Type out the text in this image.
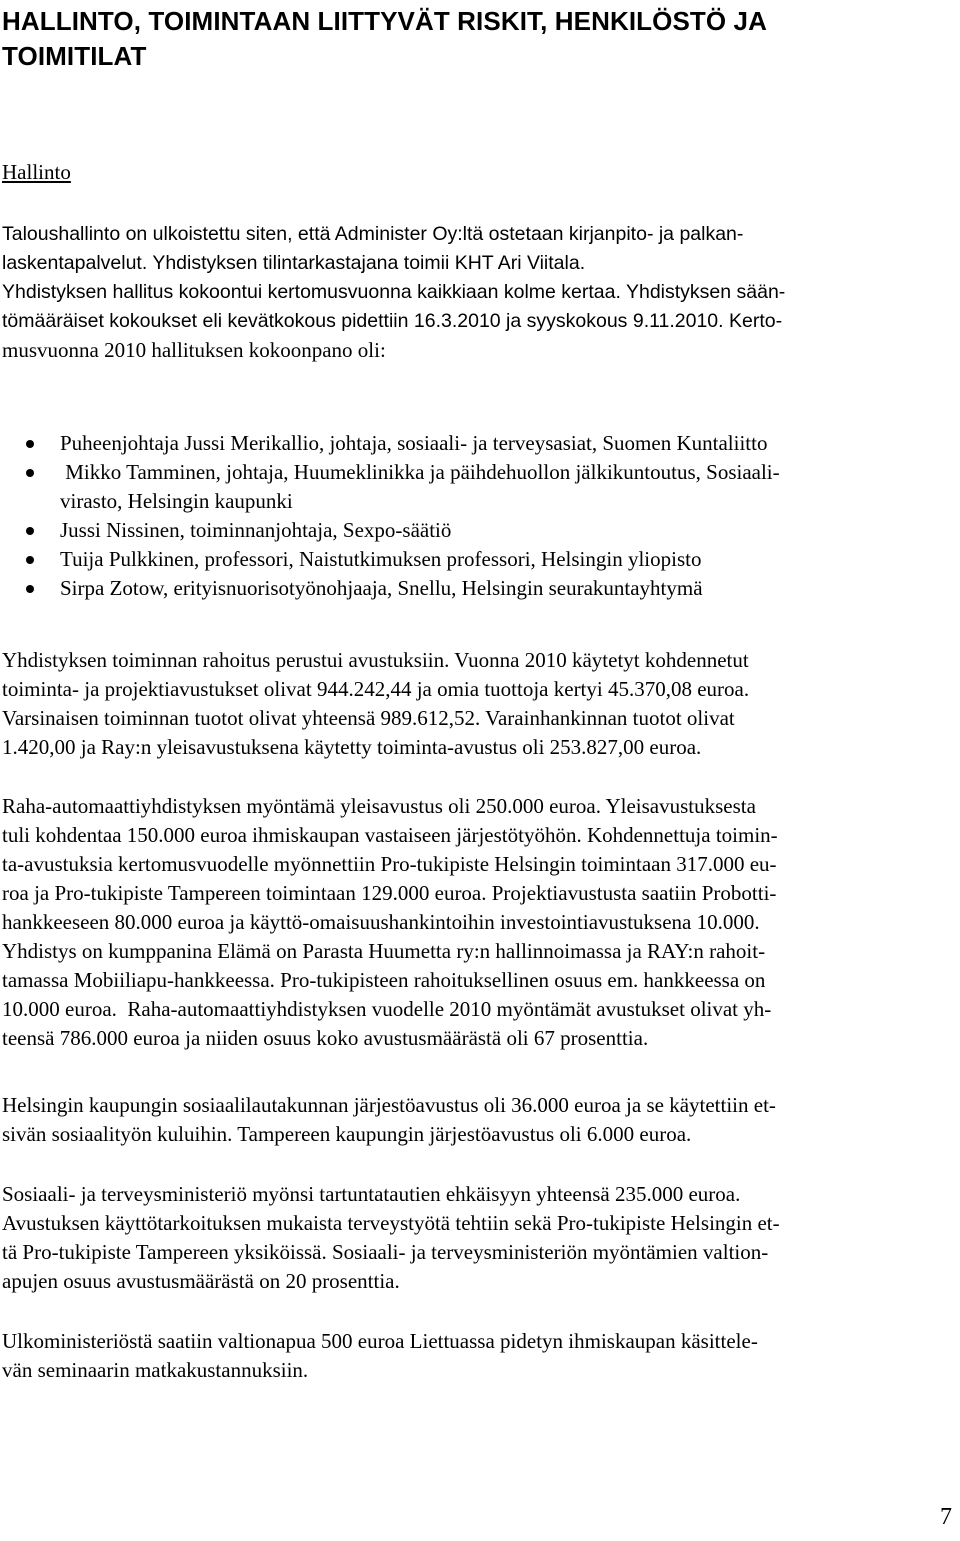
HALLINTO, TOIMINTAAN LIITTYVÄT RISKIT, HENKILÖSTÖ JA
TOIMITILAT

Hallinto

Taloushallinto on ulkoistettu siten, että Administer Oy:ltä ostetaan kirjanpito- ja palkan-
laskentapalvelut. Yhdistyksen tilintarkastajana toimii KHT Ari Viitala.

Yhdistyksen hallitus kokoontui kertomusvuonna kaikkiaan kolme kertaa. Yhdistyksen sään-
tömääräiset kokoukset eli kevätkokous pidettiin 16.3.2010 ja syyskokous 9.11.2010. Kerto-
musvuonna 2010 hallituksen kokoonpano oli:

Puheenjohtaja Jussi Merikallio, johtaja, sosiaali- ja terveysasiat, Suomen Kuntaliitto
Mikko Tamminen, johtaja, Huumeklinikka ja päihdehuollon jälkikuntoutus, Sosiaali-
virasto, Helsingin kaupunki
Jussi Nissinen, toiminnanjohtaja, Sexpo-säätiö
Tuija Pulkkinen, professori, Naistutkimuksen professori, Helsingin yliopisto
Sirpa Zotow, erityisnuorisotyönohjaaja, Snellu, Helsingin seurakuntayhtymä

Yhdistyksen toiminnan rahoitus perustui avustuksiin. Vuonna 2010 käytetyt kohdennetut
toiminta- ja projektiavustukset olivat 944.242,44 ja omia tuottoja kertyi 45.370,08 euroa.
Varsinaisen toiminnan tuotot olivat yhteensä 989.612,52. Varainhankinnan tuotot olivat
1.420,00 ja Ray:n yleisavustuksena käytetty toiminta-avustus oli 253.827,00 euroa.

Raha-automaattiyhdistyksen myöntämä yleisavustus oli 250.000 euroa. Yleisavustuksesta
tuli kohdentaa 150.000 euroa ihmiskaupan vastaiseen järjestötyöhön. Kohdennettuja toimin-
ta-avustuksia kertomusvuodelle myönnettiin Pro-tukipiste Helsingin toimintaan 317.000 eu-
roa ja Pro-tukipiste Tampereen toimintaan 129.000 euroa. Projektiavustusta saatiin Probotti-
hankkeeseen 80.000 euroa ja käyttö-omaisuushankintoihin investointiavustuksena 10.000.
Yhdistys on kumppanina Elämä on Parasta Huumetta ry:n hallinnoimassa ja RAY:n rahoit-
tamassa Mobiiliapu-hankkeessa. Pro-tukipisteen rahoituksellinen osuus em. hankkeessa on
10.000 euroa.  Raha-automaattiyhdistyksen vuodelle 2010 myöntämät avustukset olivat yh-
teensä 786.000 euroa ja niiden osuus koko avustusmäärästä oli 67 prosenttia.

Helsingin kaupungin sosiaalilautakunnan järjestöavustus oli 36.000 euroa ja se käytettiin et-
sivän sosiaalityön kuluihin. Tampereen kaupungin järjestöavustus oli 6.000 euroa.

Sosiaali- ja terveysministeriö myönsi tartuntatautien ehkäisyyn yhteensä 235.000 euroa.
Avustuksen käyttötarkoituksen mukaista terveystyötä tehtiin sekä Pro-tukipiste Helsingin et-
tä Pro-tukipiste Tampereen yksiköissä. Sosiaali- ja terveysministeriön myöntämien valtion-
apujen osuus avustusmäärästä on 20 prosenttia.

Ulkoministeriöstä saatiin valtionapua 500 euroa Liettuassa pidetyn ihmiskaupan käsittele-
vän seminaarin matkakustannuksiin.

7
